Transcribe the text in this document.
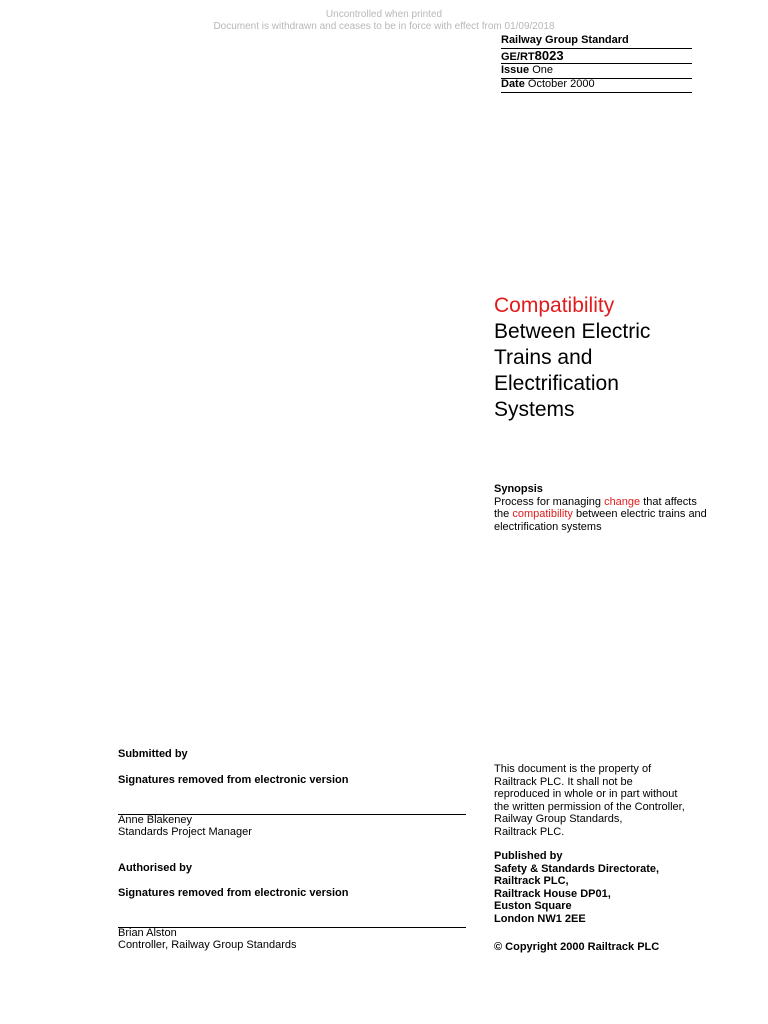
Uncontrolled when printed
Document is withdrawn and ceases to be in force with effect from 01/09/2018
Railway Group Standard
GE/RT8023
Issue One
Date October 2000
Compatibility
Between Electric
Trains and
Electrification
Systems
Synopsis
Process for managing change that affects the compatibility between electric trains and electrification systems
Submitted by
Signatures removed from electronic version
Anne Blakeney
Standards Project Manager
Authorised by
Signatures removed from electronic version
Brian Alston
Controller, Railway Group Standards
This document is the property of
Railtrack PLC. It shall not be
reproduced in whole or in part without
the written permission of the Controller,
Railway Group Standards,
Railtrack PLC.
Published by
Safety & Standards Directorate,
Railtrack PLC,
Railtrack House DP01,
Euston Square
London NW1 2EE
© Copyright 2000 Railtrack PLC
